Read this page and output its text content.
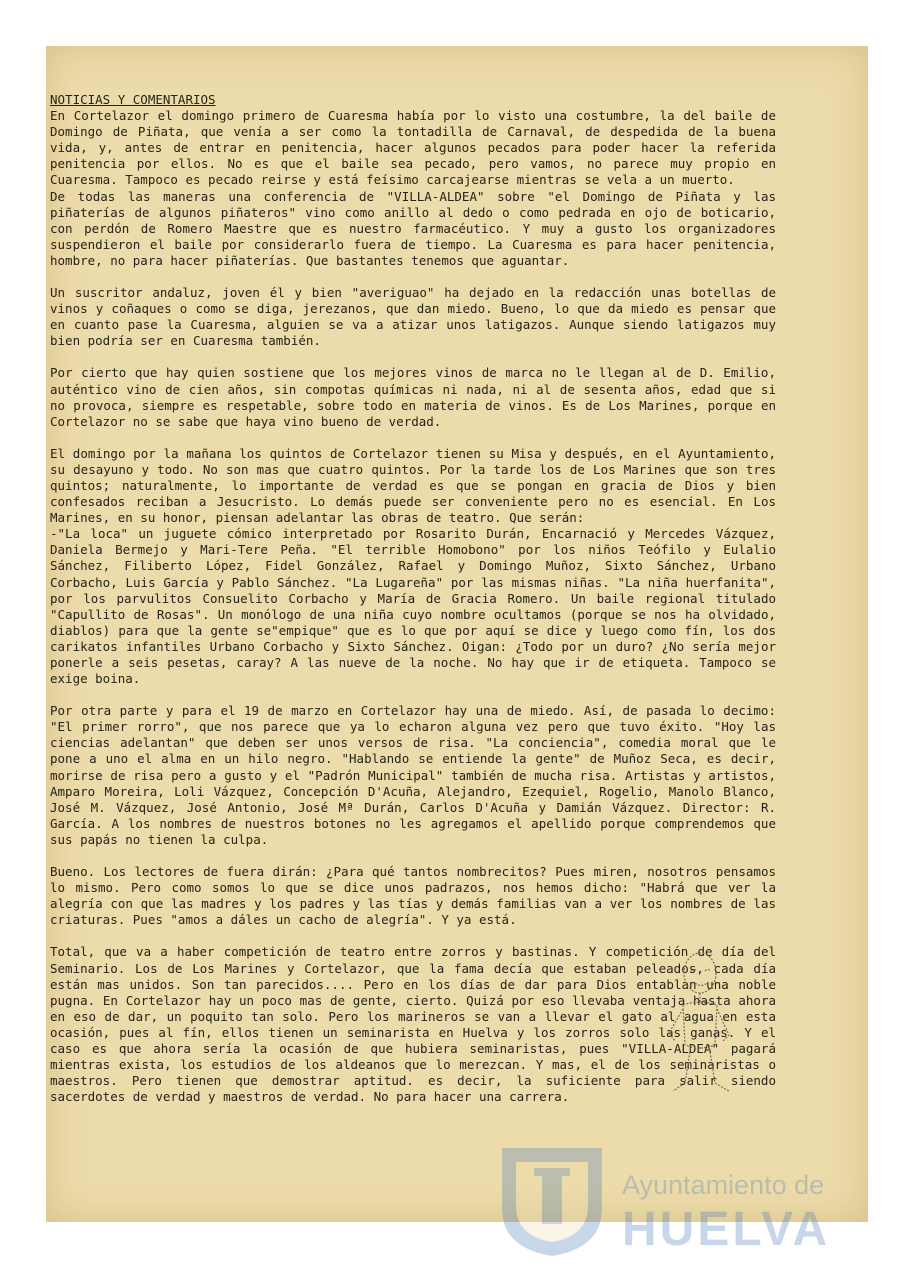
NOTICIAS Y COMENTARIOS

En Cortelazor el domingo primero de Cuaresma había por lo visto una costumbre, la del baile de Domingo de Piñata, que venía a ser como la tontadilla de Carnaval, de despedida de la buena vida, y, antes de entrar en penitencia, hacer algunos pecados para poder hacer la referida penitencia por ellos. No es que el baile sea pecado, pero vamos, no parece muy propio en Cuaresma. Tampoco es pecado reirse y está feísimo carcajearse mientras se vela a un muerto.

De todas las maneras una conferencia de "VILLA-ALDEA" sobre "el Domingo de Piñata y las piñaterías de algunos piñateros" vino como anillo al dedo o como pedrada en ojo de boticario, con perdón de Romero Maestre que es nuestro farmacéutico. Y muy a gusto los organizadores suspendieron el baile por considerarlo fuera de tiempo. La Cuaresma es para hacer penitencia, hombre, no para hacer piñaterías. Que bastantes tenemos que aguantar.

Un suscritor andaluz, joven él y bien "averiguao" ha dejado en la redacción unas botellas de vinos y coñaques o como se diga, jerezanos, que dan miedo. Bueno, lo que da miedo es pensar que en cuanto pase la Cuaresma, alguien se va a atizar unos latigazos. Aunque siendo latigazos muy bien podría ser en Cuaresma también.

Por cierto que hay quien sostiene que los mejores vinos de marca no le llegan al de D. Emilio, auténtico vino de cien años, sin compotas químicas ni nada, ni al de sesenta años, edad que si no provoca, siempre es respetable, sobre todo en materia de vinos. Es de Los Marines, porque en Cortelazor no se sabe que haya vino bueno de verdad.

El domingo por la mañana los quintos de Cortelazor tienen su Misa y después, en el Ayuntamiento, su desayuno y todo. No son mas que cuatro quintos. Por la tarde los de Los Marines que son tres quintos; naturalmente, lo importante de verdad es que se pongan en gracia de Dios y bien confesados reciban a Jesucristo. Lo demás puede ser conveniente pero no es esencial. En Los Marines, en su honor, piensan adelantar las obras de teatro. Que serán:

-"La loca" un juguete cómico interpretado por Rosarito Durán, Encarnació y Mercedes Vázquez, Daniela Bermejo y Mari-Tere Peña. "El terrible Homobono" por los niños Teófilo y Eulalio Sánchez, Filiberto López, Fidel González, Rafael y Domingo Muñoz, Sixto Sánchez, Urbano Corbacho, Luis García y Pablo Sánchez. "La Lugareña" por las mismas niñas. "La niña huerfanita", por los parvulitos Consuelito Corbacho y María de Gracia Romero. Un baile regional titulado "Capullito de Rosas". Un monólogo de una niña cuyo nombre ocultamos (porque se nos ha olvidado, diablos) para que la gente se"empique" que es lo que por aquí se dice y luego como fín, los dos carikatos infantiles Urbano Corbacho y Sixto Sánchez. Oigan: ¿Todo por un duro? ¿No sería mejor ponerle a seis pesetas, caray? A las nueve de la noche. No hay que ir de etiqueta. Tampoco se exige boina.

Por otra parte y para el 19 de marzo en Cortelazor hay una de miedo. Así, de pasada lo decimo: "El primer rorro", que nos parece que ya lo echaron alguna vez pero que tuvo éxito. "Hoy las ciencias adelantan" que deben ser unos versos de risa. "La conciencia", comedia moral que le pone a uno el alma en un hilo negro. "Hablando se entiende la gente" de Muñoz Seca, es decir, morirse de risa pero a gusto y el "Padrón Municipal" también de mucha risa. Artistas y artistos, Amparo Moreira, Loli Vázquez, Concepción D'Acuña, Alejandro, Ezequiel, Rogelio, Manolo Blanco, José M. Vázquez, José Antonio, José Mª Durán, Carlos D'Acuña y Damián Vázquez. Director: R. García. A los nombres de nuestros botones no les agregamos el apellido porque comprendemos que sus papás no tienen la culpa.

Bueno. Los lectores de fuera dirán: ¿Para qué tantos nombrecitos? Pues miren, nosotros pensamos lo mismo. Pero como somos lo que se dice unos padrazos, nos hemos dicho: "Habrá que ver la alegría con que las madres y los padres y las tías y demás familias van a ver los nombres de las criaturas. Pues "amos a dáles un cacho de alegría". Y ya está.

Total, que va a haber competición de teatro entre zorros y bastinas. Y competición de día del Seminario. Los de Los Marines y Cortelazor, que la fama decía que estaban peleados, cada día están mas unidos. Son tan parecidos.... Pero en los días de dar para Dios entablan una noble pugna. En Cortelazor hay un poco mas de gente, cierto. Quizá por eso llevaba ventaja hasta ahora en eso de dar, un poquito tan solo. Pero los marineros se van a llevar el gato al agua en esta ocasión, pues al fín, ellos tienen un seminarista en Huelva y los zorros solo las ganas. Y el caso es que ahora sería la ocasión de que hubiera seminaristas, pues "VILLA-ALDEA" pagará mientras exista, los estudios de los aldeanos que lo merezcan. Y mas, el de los seminaristas o maestros. Pero tienen que demostrar aptitud. es decir, la suficiente para salir siendo sacerdotes de verdad y maestros de verdad. No para hacer una carrera.

Ayuntamiento de
HUELVA
